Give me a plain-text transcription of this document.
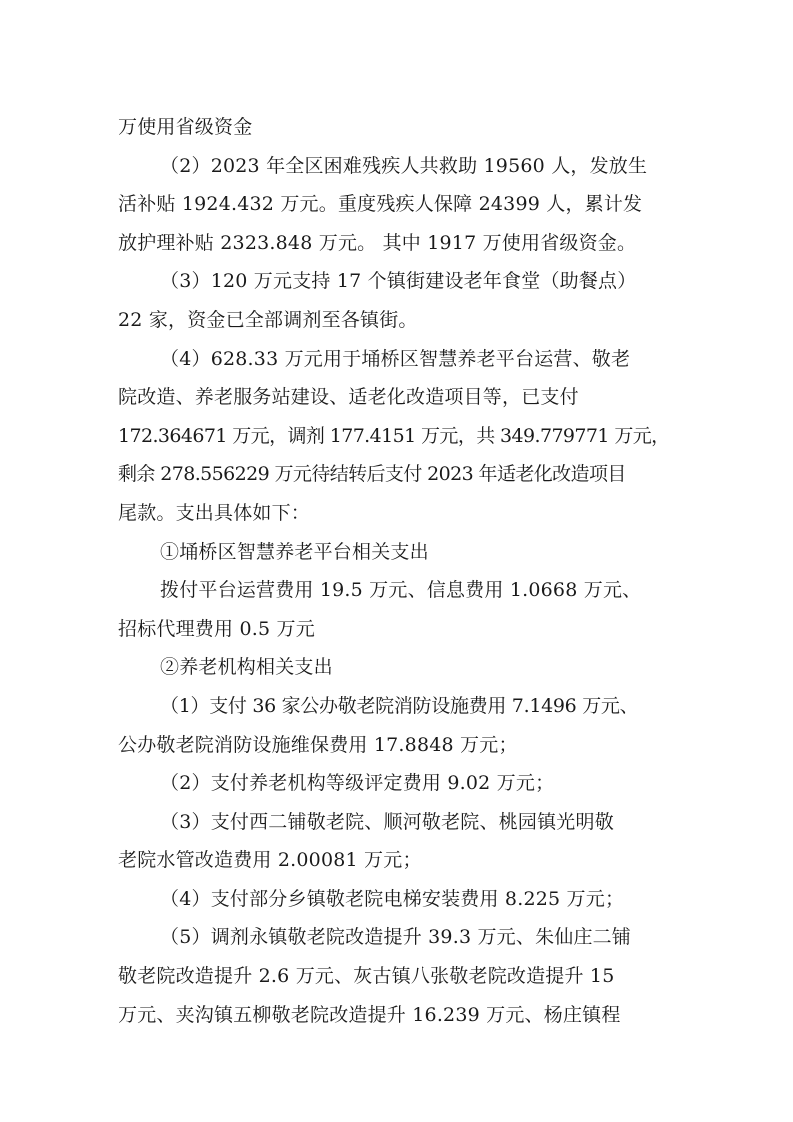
万使用省级资金
（2）2023 年全区困难残疾人共救助 19560 人，发放生
活补贴 1924.432 万元。重度残疾人保障 24399 人，累计发
放护理补贴 2323.848 万元。 其中 1917 万使用省级资金。
（3）120 万元支持 17 个镇街建设老年食堂（助餐点）
22 家，资金已全部调剂至各镇街。
（4）628.33 万元用于埇桥区智慧养老平台运营、敬老
院改造、养老服务站建设、适老化改造项目等，已支付
172.364671 万元，调剂 177.4151 万元，共 349.779771 万元，
剩余 278.556229 万元待结转后支付 2023 年适老化改造项目
尾款。支出具体如下：
①埇桥区智慧养老平台相关支出
拨付平台运营费用 19.5 万元、信息费用 1.0668 万元、
招标代理费用 0.5 万元
②养老机构相关支出
（1）支付 36 家公办敬老院消防设施费用 7.1496 万元、
公办敬老院消防设施维保费用 17.8848 万元；
（2）支付养老机构等级评定费用 9.02 万元；
（3）支付西二铺敬老院、顺河敬老院、桃园镇光明敬
老院水管改造费用 2.00081 万元；
（4）支付部分乡镇敬老院电梯安装费用 8.225 万元；
（5）调剂永镇敬老院改造提升 39.3 万元、朱仙庄二铺
敬老院改造提升 2.6 万元、灰古镇八张敬老院改造提升 15
万元、夹沟镇五柳敬老院改造提升 16.239 万元、杨庄镇程
